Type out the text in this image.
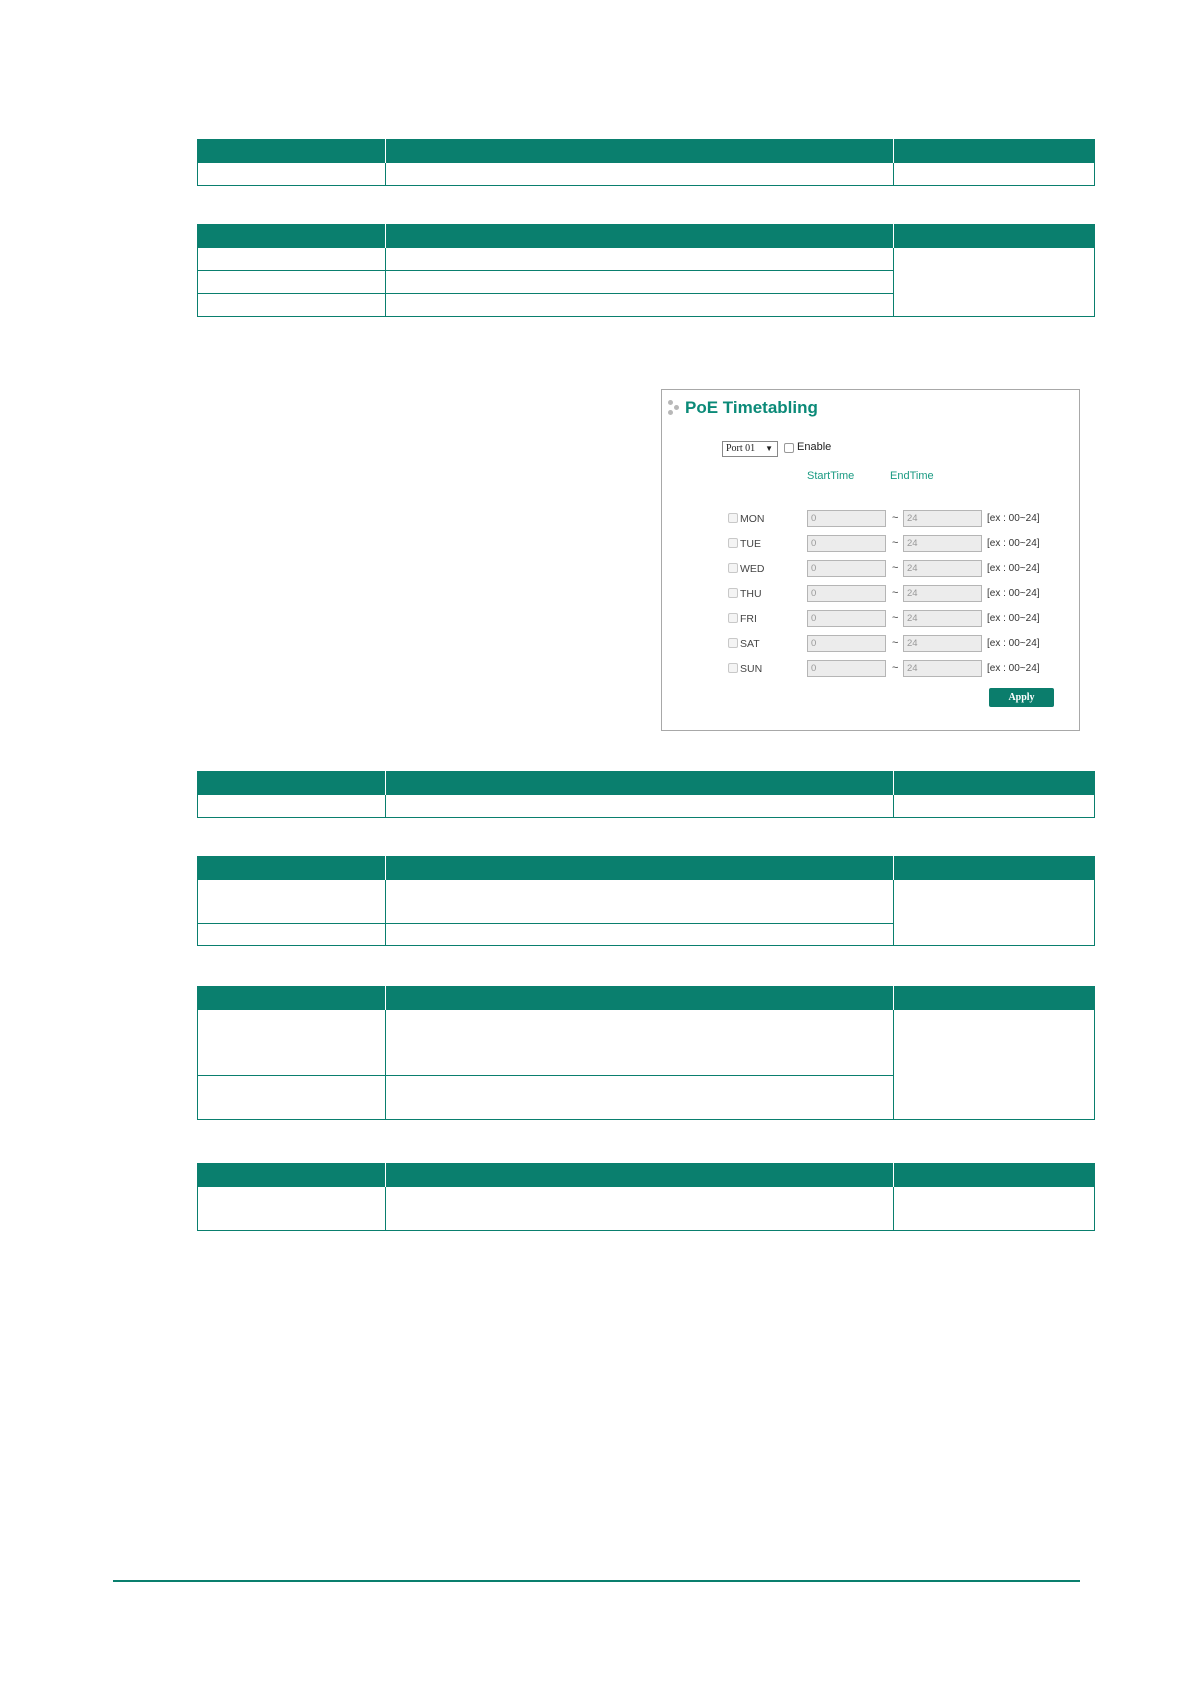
PoE Timetabling
Port 01 ▼ Enable
StartTime	EndTime
MON	0	~ 24	[ex : 00~24]
TUE	0	~ 24	[ex : 00~24]
WED	0	~ 24	[ex : 00~24]
THU	0	~ 24	[ex : 00~24]
FRI	0	~ 24	[ex : 00~24]
SAT	0	~ 24	[ex : 00~24]
SUN	0	~ 24	[ex : 00~24]
Apply
